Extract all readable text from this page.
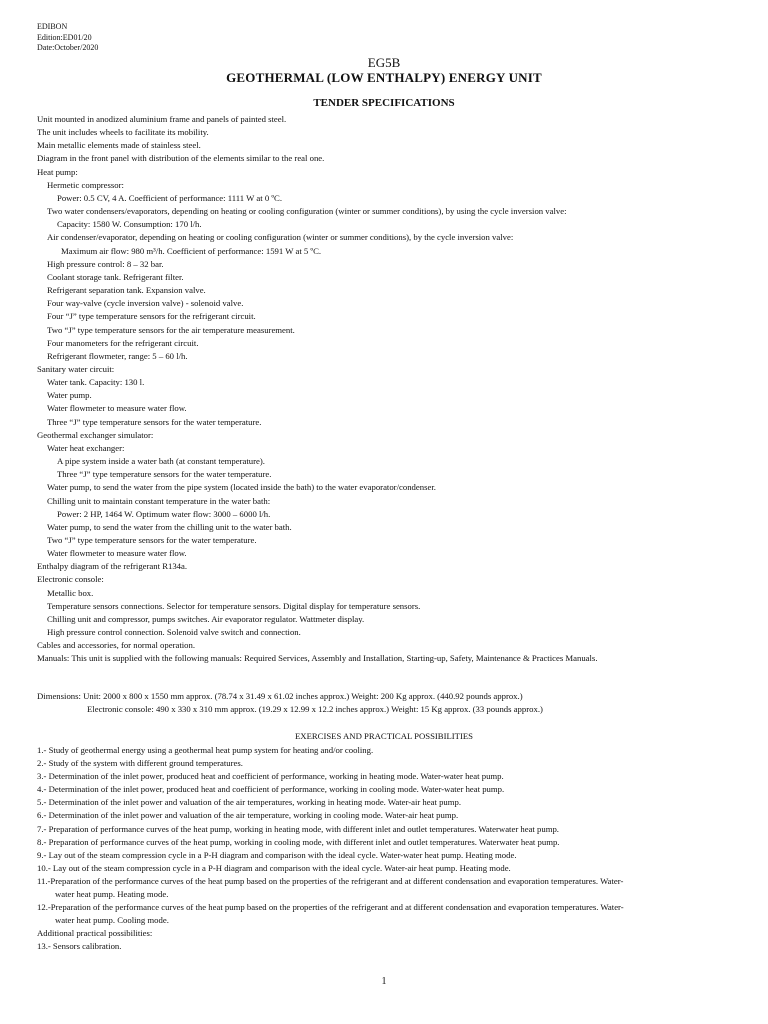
EDIBON
Edition:ED01/20
Date:October/2020
EG5B
GEOTHERMAL (LOW ENTHALPY) ENERGY UNIT
TENDER SPECIFICATIONS
Unit mounted in anodized aluminium frame and panels of painted steel.
The unit includes wheels to facilitate its mobility.
Main metallic elements made of stainless steel.
Diagram in the front panel with distribution of the elements similar to the real one.
Heat pump:
Hermetic compressor:
Power: 0.5 CV, 4 A. Coefficient of performance: 1111 W at 0 ºC.
Two water condensers/evaporators, depending on heating or cooling configuration (winter or summer conditions), by using the cycle inversion valve:
Capacity: 1580 W. Consumption: 170 l/h.
Air condenser/evaporator, depending on heating or cooling configuration (winter or summer conditions), by the cycle inversion valve:
Maximum air flow: 980 m³/h. Coefficient of performance: 1591 W at 5 ºC.
High pressure control: 8 – 32 bar.
Coolant storage tank. Refrigerant filter.
Refrigerant separation tank. Expansion valve.
Four way-valve (cycle inversion valve) - solenoid valve.
Four “J” type temperature sensors for the refrigerant circuit.
Two “J” type temperature sensors for the air temperature measurement.
Four manometers for the refrigerant circuit.
Refrigerant flowmeter, range: 5 – 60 l/h.
Sanitary water circuit:
Water tank. Capacity: 130 l.
Water pump.
Water flowmeter to measure water flow.
Three “J” type temperature sensors for the water temperature.
Geothermal exchanger simulator:
Water heat exchanger:
A pipe system inside a water bath (at constant temperature).
Three “J” type temperature sensors for the water temperature.
Water pump, to send the water from the pipe system (located inside the bath) to the water evaporator/condenser.
Chilling unit to maintain constant temperature in the water bath:
Power: 2 HP, 1464 W. Optimum water flow: 3000 – 6000 l/h.
Water pump, to send the water from the chilling unit to the water bath.
Two “J” type temperature sensors for the water temperature.
Water flowmeter to measure water flow.
Enthalpy diagram of the refrigerant R134a.
Electronic console:
Metallic box.
Temperature sensors connections. Selector for temperature sensors. Digital display for temperature sensors.
Chilling unit and compressor, pumps switches. Air evaporator regulator. Wattmeter display.
High pressure control connection. Solenoid valve switch and connection.
Cables and accessories, for normal operation.
Manuals: This unit is supplied with the following manuals: Required Services, Assembly and Installation, Starting-up, Safety, Maintenance & Practices Manuals.
Dimensions: Unit: 2000 x 800 x 1550 mm approx. (78.74 x 31.49 x 61.02 inches approx.) Weight: 200 Kg approx. (440.92 pounds approx.)
Electronic console: 490 x 330 x 310 mm approx. (19.29 x 12.99 x 12.2 inches approx.) Weight: 15 Kg approx. (33 pounds approx.)
EXERCISES AND PRACTICAL POSSIBILITIES
1.- Study of geothermal energy using a geothermal heat pump system for heating and/or cooling.
2.- Study of the system with different ground temperatures.
3.- Determination of the inlet power, produced heat and coefficient of performance, working in heating mode. Water-water heat pump.
4.- Determination of the inlet power, produced heat and coefficient of performance, working in cooling mode. Water-water heat pump.
5.- Determination of the inlet power and valuation of the air temperatures, working in heating mode. Water-air heat pump.
6.- Determination of the inlet power and valuation of the air temperature, working in cooling mode. Water-air heat pump.
7.- Preparation of performance curves of the heat pump, working in heating mode, with different inlet and outlet temperatures. Waterwater heat pump.
8.- Preparation of performance curves of the heat pump, working in cooling mode, with different inlet and outlet temperatures. Waterwater heat pump.
9.- Lay out of the steam compression cycle in a P-H diagram and comparison with the ideal cycle. Water-water heat pump. Heating mode.
10.- Lay out of the steam compression cycle in a P-H diagram and comparison with the ideal cycle. Water-air heat pump. Heating mode.
11.-Preparation of the performance curves of the heat pump based on the properties of the refrigerant and at different condensation and evaporation temperatures. Water-
water heat pump. Heating mode.
12.-Preparation of the performance curves of the heat pump based on the properties of the refrigerant and at different condensation and evaporation temperatures. Water-
water heat pump. Cooling mode.
Additional practical possibilities:
13.- Sensors calibration.
1
